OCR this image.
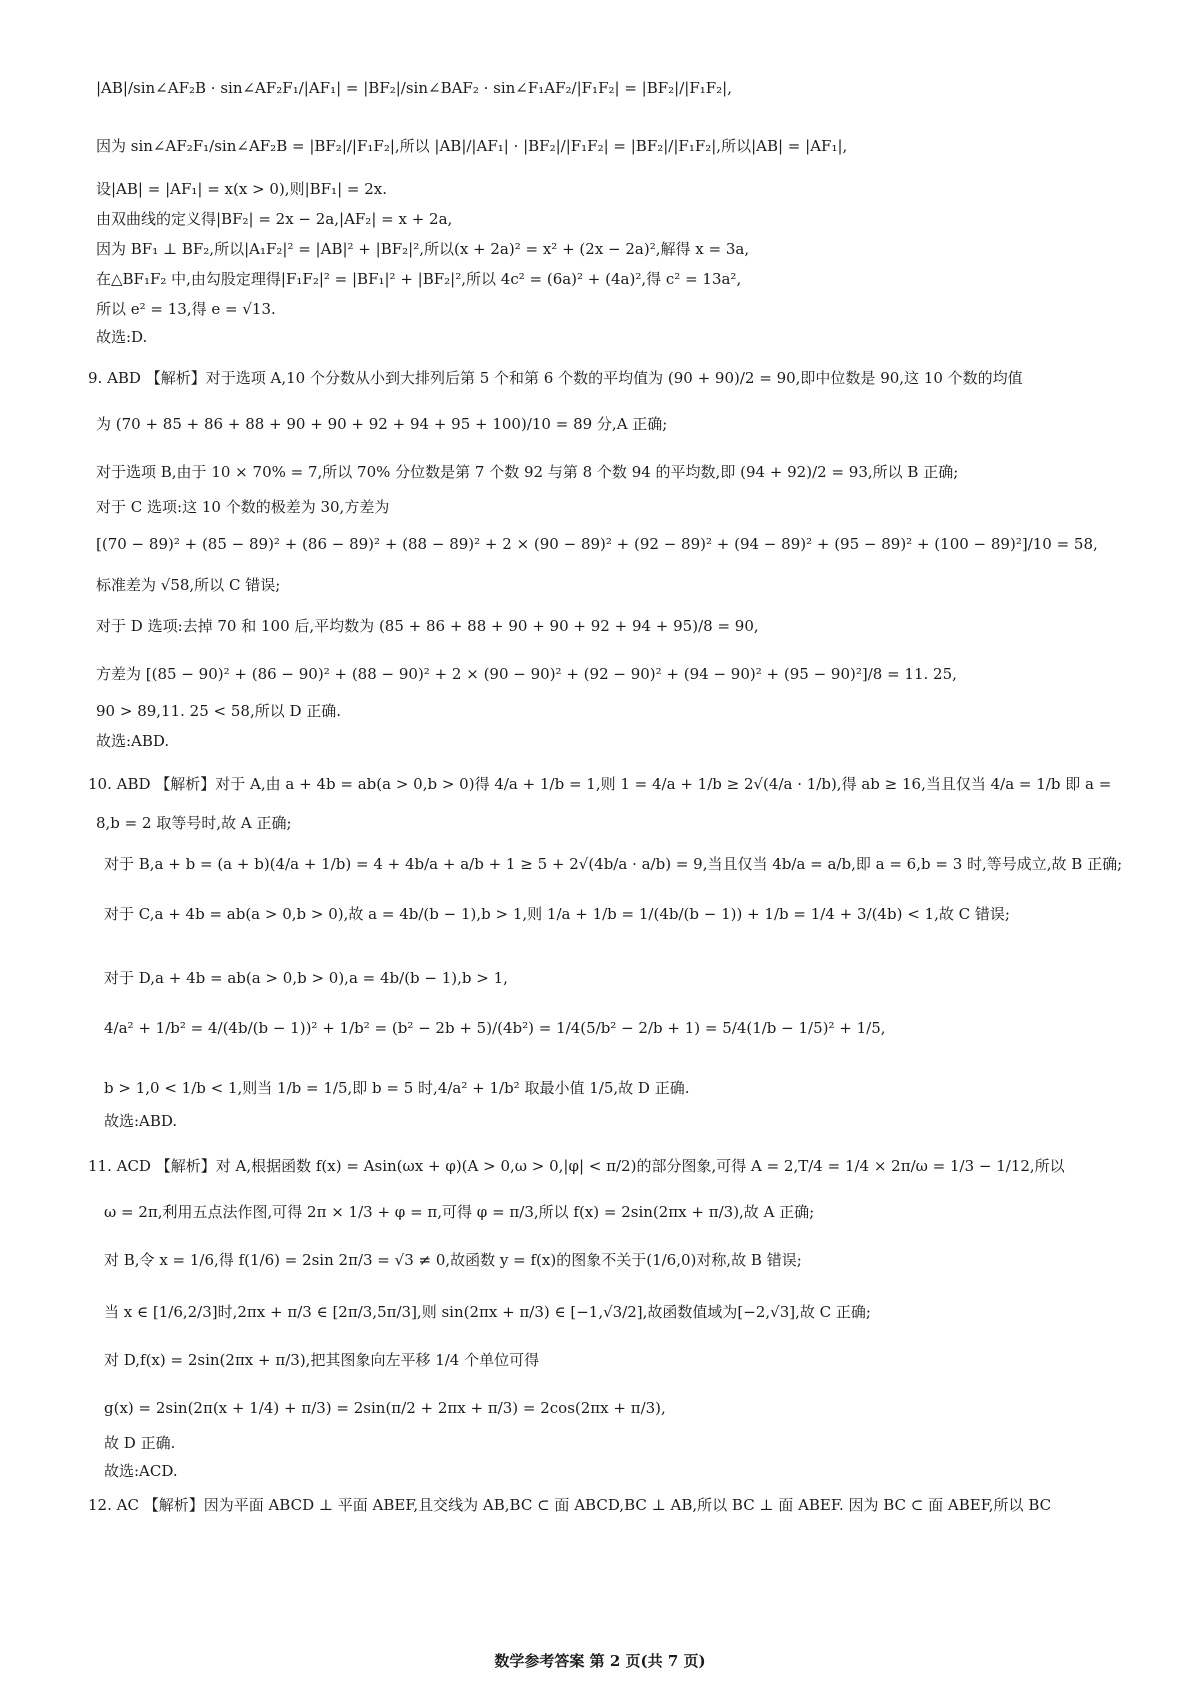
|AB|/sin∠AF₂B · sin∠AF₂F₁/|AF₁| = |BF₂|/sin∠BAF₂ · sin∠F₁AF₂/|F₁F₂| = |BF₂|/|F₁F₂|,
因为 sin∠AF₂F₁/sin∠AF₂B = |BF₂|/|F₁F₂|,所以 |AB|/|AF₁| · |BF₂|/|F₁F₂| = |BF₂|/|F₁F₂|,所以|AB| = |AF₁|,
设|AB| = |AF₁| = x(x > 0),则|BF₁| = 2x.
由双曲线的定义得|BF₂| = 2x − 2a,|AF₂| = x + 2a,
因为 BF₁ ⊥ BF₂,所以|A₁F₂|² = |AB|² + |BF₂|²,所以(x + 2a)² = x² + (2x − 2a)²,解得 x = 3a,
在△BF₁F₂ 中,由勾股定理得|F₁F₂|² = |BF₁|² + |BF₂|²,所以 4c² = (6a)² + (4a)²,得 c² = 13a²,
所以 e² = 13,得 e = √13.
故选:D.
9. ABD 【解析】对于选项 A,10 个分数从小到大排列后第 5 个和第 6 个数的平均值为 (90 + 90)/2 = 90,即中位数是 90,这 10 个数的均值
为 (70 + 85 + 86 + 88 + 90 + 90 + 92 + 94 + 95 + 100)/10 = 89 分,A 正确;
对于选项 B,由于 10 × 70% = 7,所以 70% 分位数是第 7 个数 92 与第 8 个数 94 的平均数,即 (94 + 92)/2 = 93,所以 B 正确;
对于 C 选项:这 10 个数的极差为 30,方差为
[(70 − 89)² + (85 − 89)² + (86 − 89)² + (88 − 89)² + 2 × (90 − 89)² + (92 − 89)² + (94 − 89)² + (95 − 89)² + (100 − 89)²]/10 = 58,
标准差为 √58,所以 C 错误;
对于 D 选项:去掉 70 和 100 后,平均数为 (85 + 86 + 88 + 90 + 90 + 92 + 94 + 95)/8 = 90,
方差为 [(85 − 90)² + (86 − 90)² + (88 − 90)² + 2 × (90 − 90)² + (92 − 90)² + (94 − 90)² + (95 − 90)²]/8 = 11. 25,
90 > 89,11. 25 < 58,所以 D 正确.
故选:ABD.
10. ABD 【解析】对于 A,由 a + 4b = ab(a > 0,b > 0)得 4/a + 1/b = 1,则 1 = 4/a + 1/b ≥ 2√(4/a · 1/b),得 ab ≥ 16,当且仅当 4/a = 1/b 即 a =
8,b = 2 取等号时,故 A 正确;
对于 B,a + b = (a + b)(4/a + 1/b) = 4 + 4b/a + a/b + 1 ≥ 5 + 2√(4b/a · a/b) = 9,当且仅当 4b/a = a/b,即 a = 6,b = 3 时,等号成立,故 B 正确;
对于 C,a + 4b = ab(a > 0,b > 0),故 a = 4b/(b − 1),b > 1,则 1/a + 1/b = 1/(4b/(b − 1)) + 1/b = 1/4 + 3/(4b) < 1,故 C 错误;
对于 D,a + 4b = ab(a > 0,b > 0),a = 4b/(b − 1),b > 1,
4/a² + 1/b² = 4/(4b/(b − 1))² + 1/b² = (b² − 2b + 5)/(4b²) = 1/4(5/b² − 2/b + 1) = 5/4(1/b − 1/5)² + 1/5,
b > 1,0 < 1/b < 1,则当 1/b = 1/5,即 b = 5 时,4/a² + 1/b² 取最小值 1/5,故 D 正确.
故选:ABD.
11. ACD 【解析】对 A,根据函数 f(x) = Asin(ωx + φ)(A > 0,ω > 0,|φ| < π/2)的部分图象,可得 A = 2,T/4 = 1/4 × 2π/ω = 1/3 − 1/12,所以
ω = 2π,利用五点法作图,可得 2π × 1/3 + φ = π,可得 φ = π/3,所以 f(x) = 2sin(2πx + π/3),故 A 正确;
对 B,令 x = 1/6,得 f(1/6) = 2sin 2π/3 = √3 ≠ 0,故函数 y = f(x)的图象不关于(1/6,0)对称,故 B 错误;
当 x ∈ [1/6,2/3]时,2πx + π/3 ∈ [2π/3,5π/3],则 sin(2πx + π/3) ∈ [−1,√3/2],故函数值域为[−2,√3],故 C 正确;
对 D,f(x) = 2sin(2πx + π/3),把其图象向左平移 1/4 个单位可得
g(x) = 2sin(2π(x + 1/4) + π/3) = 2sin(π/2 + 2πx + π/3) = 2cos(2πx + π/3),
故 D 正确.
故选:ACD.
12. AC 【解析】因为平面 ABCD ⊥ 平面 ABEF,且交线为 AB,BC ⊂ 面 ABCD,BC ⊥ AB,所以 BC ⊥ 面 ABEF. 因为 BC ⊂ 面 ABEF,所以 BC
数学参考答案 第 2 页(共 7 页)
